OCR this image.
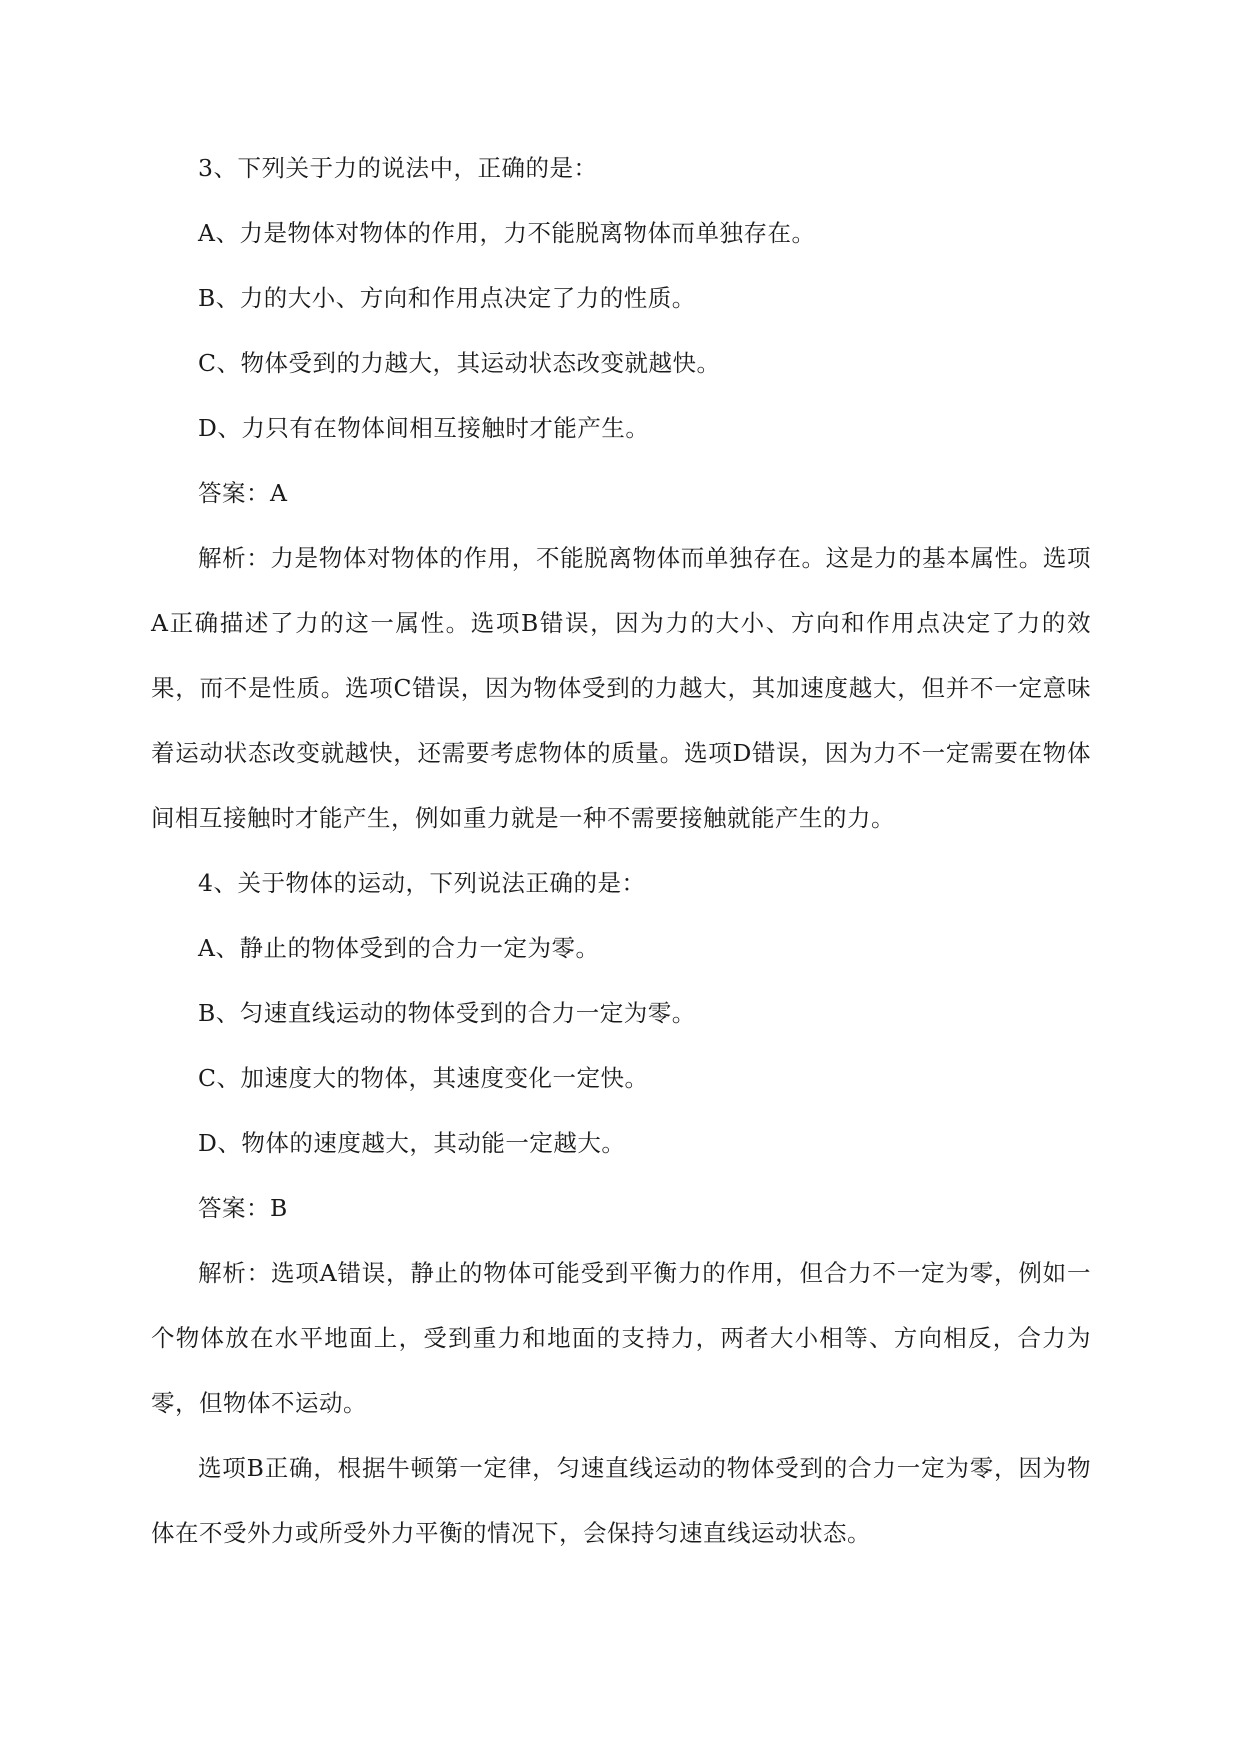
3、下列关于力的说法中，正确的是：

A、力是物体对物体的作用，力不能脱离物体而单独存在。

B、力的大小、方向和作用点决定了力的性质。

C、物体受到的力越大，其运动状态改变就越快。

D、力只有在物体间相互接触时才能产生。

答案：A

解析：力是物体对物体的作用，不能脱离物体而单独存在。这是力的基本属性。选项A正确描述了力的这一属性。选项B错误，因为力的大小、方向和作用点决定了力的效果，而不是性质。选项C错误，因为物体受到的力越大，其加速度越大，但并不一定意味着运动状态改变就越快，还需要考虑物体的质量。选项D错误，因为力不一定需要在物体间相互接触时才能产生，例如重力就是一种不需要接触就能产生的力。

4、关于物体的运动，下列说法正确的是：

A、静止的物体受到的合力一定为零。

B、匀速直线运动的物体受到的合力一定为零。

C、加速度大的物体，其速度变化一定快。

D、物体的速度越大，其动能一定越大。

答案：B

解析：选项A错误，静止的物体可能受到平衡力的作用，但合力不一定为零，例如一个物体放在水平地面上，受到重力和地面的支持力，两者大小相等、方向相反，合力为零，但物体不运动。

选项B正确，根据牛顿第一定律，匀速直线运动的物体受到的合力一定为零，因为物体在不受外力或所受外力平衡的情况下，会保持匀速直线运动状态。
